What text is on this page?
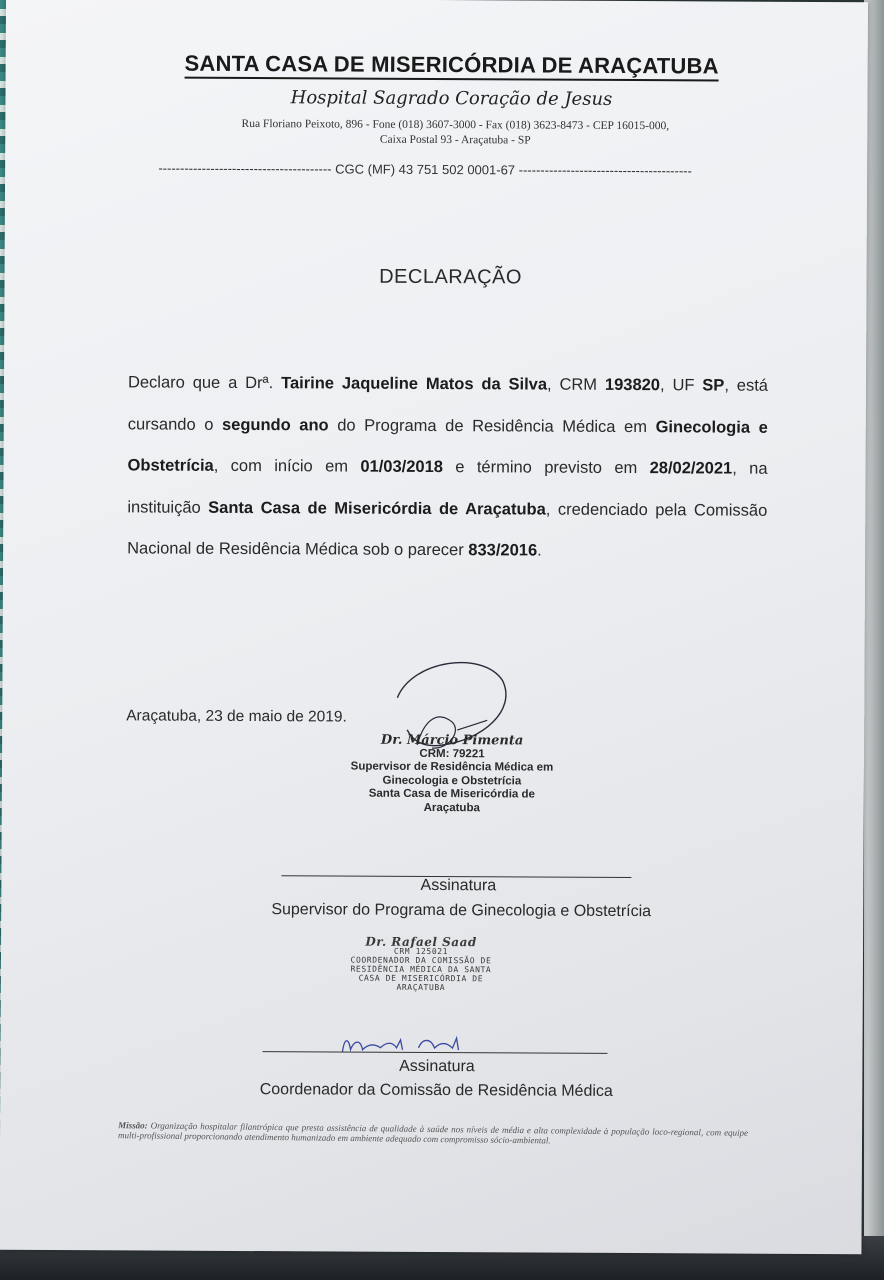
SANTA CASA DE MISERICÓRDIA DE ARAÇATUBA
Hospital Sagrado Coração de Jesus
Rua Floriano Peixoto, 896 - Fone (018) 3607-3000 - Fax (018) 3623-8473 - CEP 16015-000,
Caixa Postal 93 - Araçatuba - SP
---------------------------------------- CGC (MF) 43 751 502 0001-67 ----------------------------------------
DECLARAÇÃO
Declaro que a Drª. Tairine Jaqueline Matos da Silva, CRM 193820, UF SP, está cursando o segundo ano do Programa de Residência Médica em Ginecologia e Obstetrícia, com início em 01/03/2018 e término previsto em 28/02/2021, na instituição Santa Casa de Misericórdia de Araçatuba, credenciado pela Comissão Nacional de Residência Médica sob o parecer 833/2016.
Araçatuba, 23 de maio de 2019.
Dr. Márcio Pimenta
CRM: 79221
Supervisor de Residência Médica em
Ginecologia e Obstetrícia
Santa Casa de Misericórdia de
Araçatuba
Assinatura
Supervisor do Programa de Ginecologia e Obstetrícia
Dr. Rafael Saad
CRM 125021
COORDENADOR DA COMISSÃO DE
RESIDÊNCIA MÉDICA DA SANTA
CASA DE MISERICÓRDIA DE
ARAÇATUBA
Assinatura
Coordenador da Comissão de Residência Médica
Missão: Organização hospitalar filantrópica que presta assistência de qualidade à saúde nos níveis de média e alta complexidade à população loco-regional, com equipe multi-profissional proporcionando atendimento humanizado em ambiente adequado com compromisso sócio-ambiental.
